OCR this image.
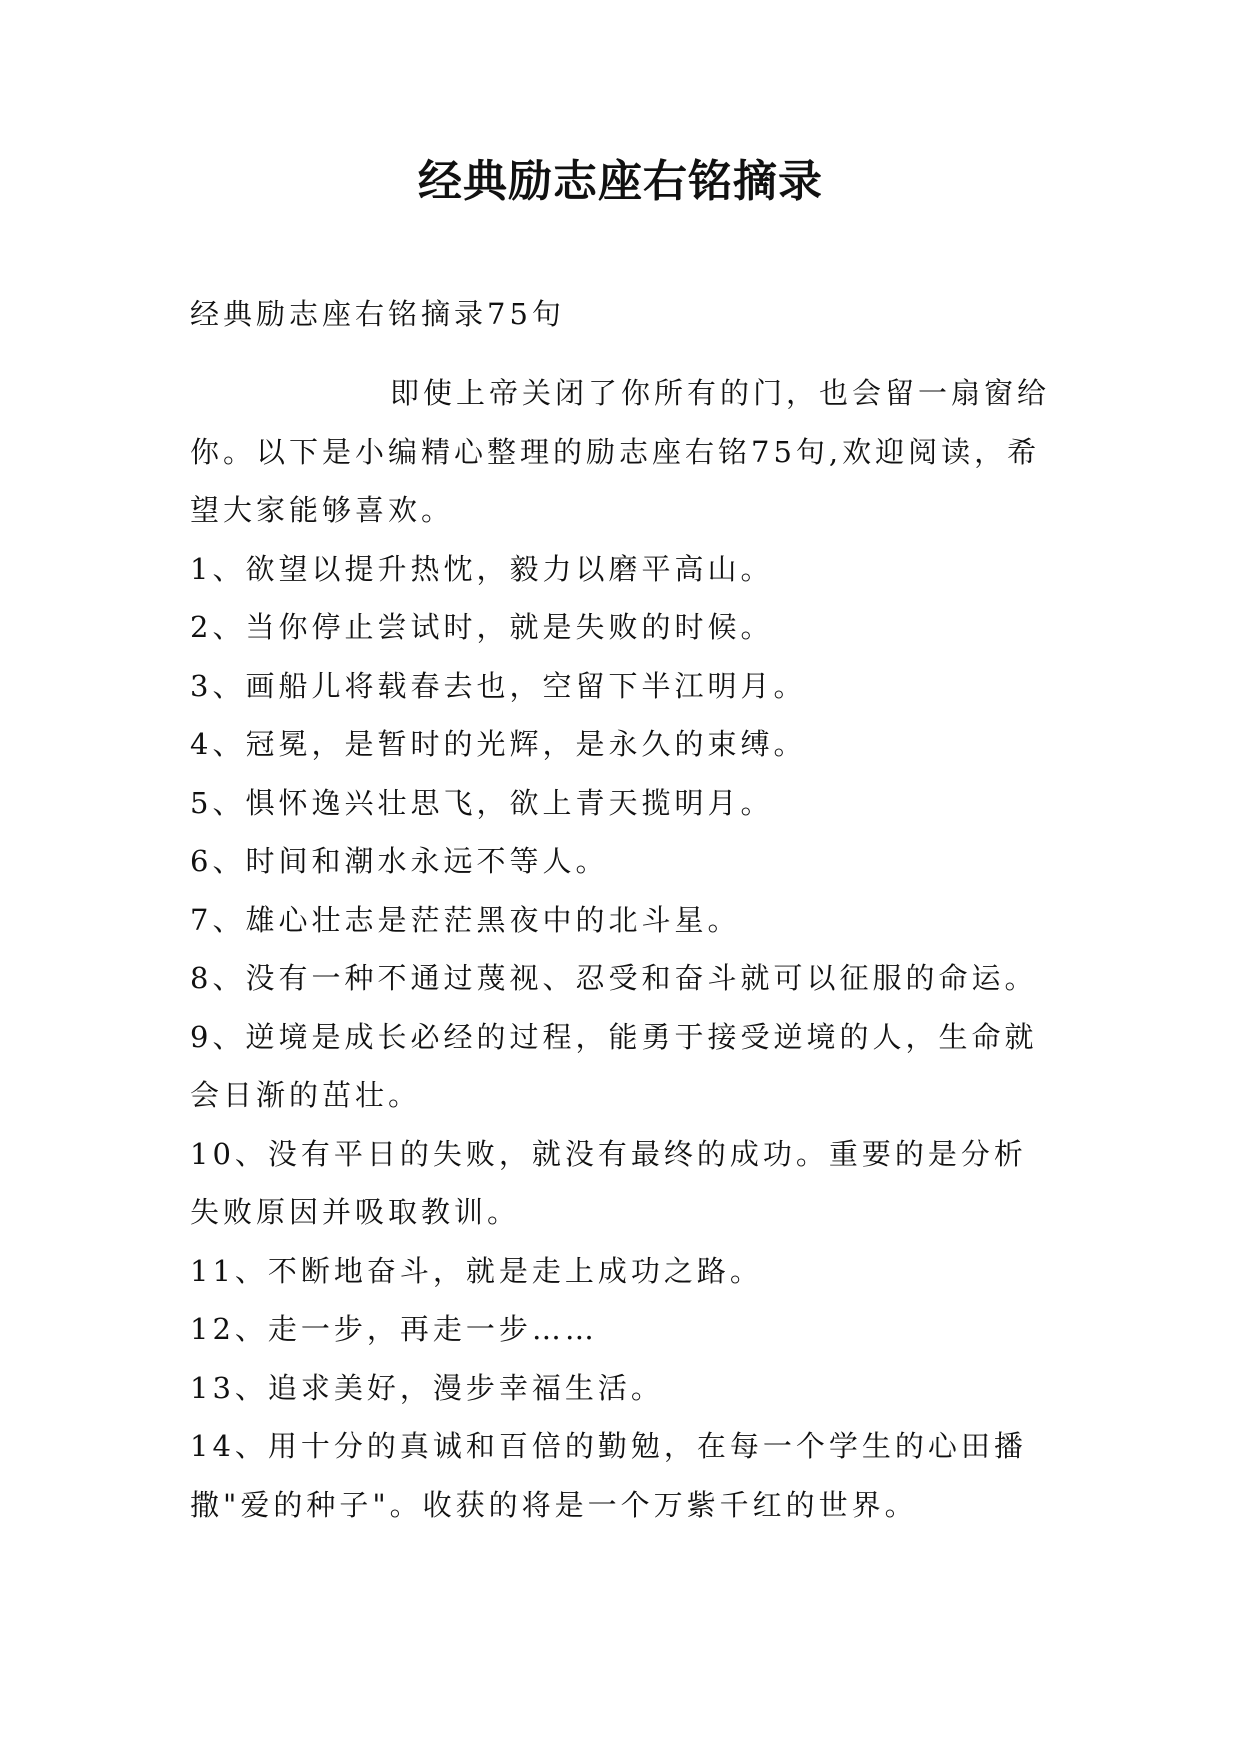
经典励志座右铭摘录

经典励志座右铭摘录75句

即使上帝关闭了你所有的门，也会留一扇窗给你。以下是小编精心整理的励志座右铭75句,欢迎阅读，希望大家能够喜欢。

1、欲望以提升热忱，毅力以磨平高山。
2、当你停止尝试时，就是失败的时候。
3、画船儿将载春去也，空留下半江明月。
4、冠冕，是暂时的光辉，是永久的束缚。
5、惧怀逸兴壮思飞，欲上青天揽明月。
6、时间和潮水永远不等人。
7、雄心壮志是茫茫黑夜中的北斗星。
8、没有一种不通过蔑视、忍受和奋斗就可以征服的命运。
9、逆境是成长必经的过程，能勇于接受逆境的人，生命就会日渐的茁壮。
10、没有平日的失败，就没有最终的成功。重要的是分析失败原因并吸取教训。
11、不断地奋斗，就是走上成功之路。
12、走一步，再走一步……
13、追求美好，漫步幸福生活。
14、用十分的真诚和百倍的勤勉，在每一个学生的心田播撒"爱的种子"。收获的将是一个万紫千红的世界。
